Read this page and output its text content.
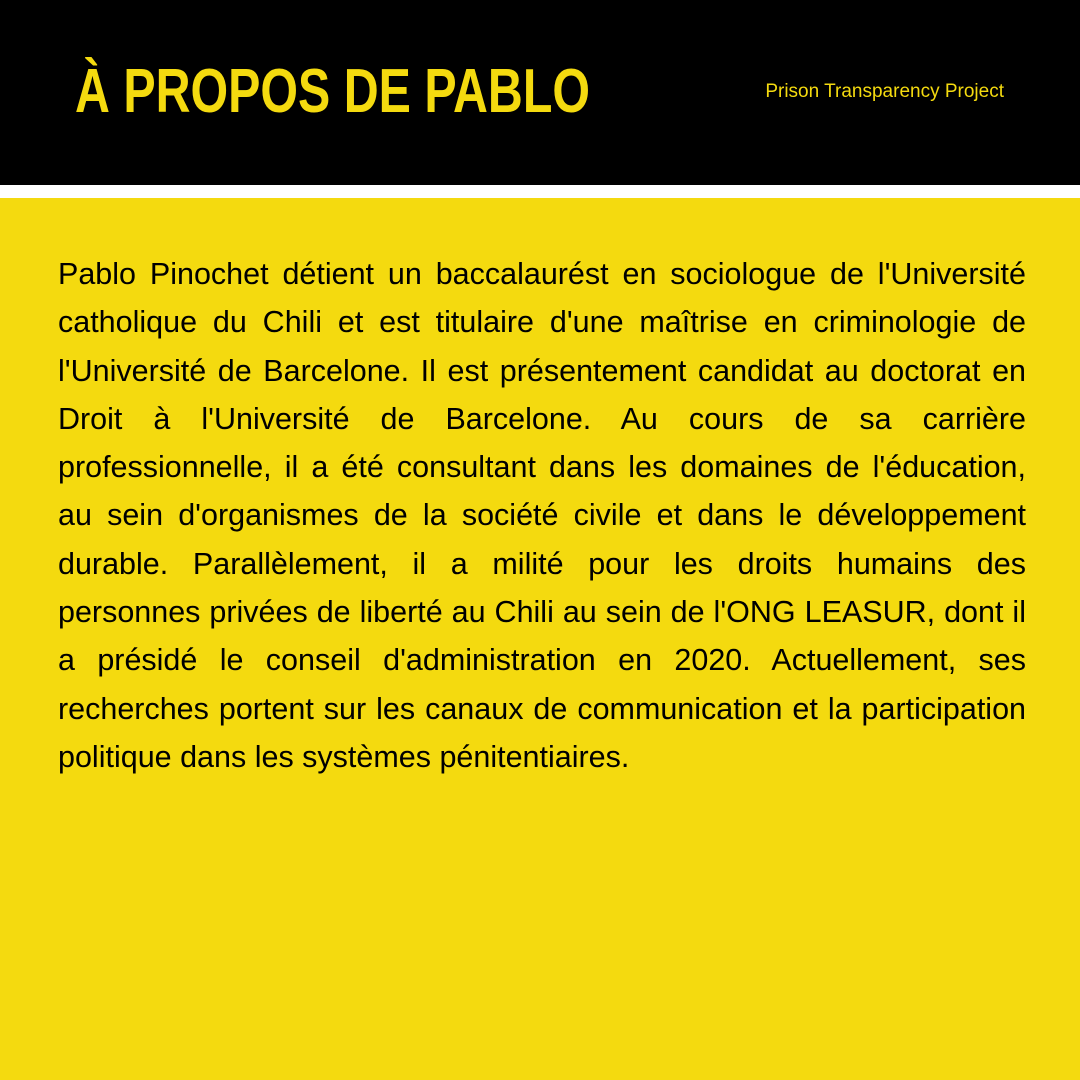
À PROPOS DE PABLO	Prison Transparency Project

Pablo Pinochet détient un baccalaurést en sociologue de l'Université catholique du Chili et est titulaire d'une maîtrise en criminologie de l'Université de Barcelone. Il est présentement candidat au doctorat en Droit à l'Université de Barcelone. Au cours de sa carrière professionnelle, il a été consultant dans les domaines de l'éducation, au sein d'organismes de la société civile et dans le développement durable. Parallèlement, il a milité pour les droits humains des personnes privées de liberté au Chili au sein de l'ONG LEASUR, dont il a présidé le conseil d'administration en 2020. Actuellement, ses recherches portent sur les canaux de communication et la participation politique dans les systèmes pénitentiaires.
